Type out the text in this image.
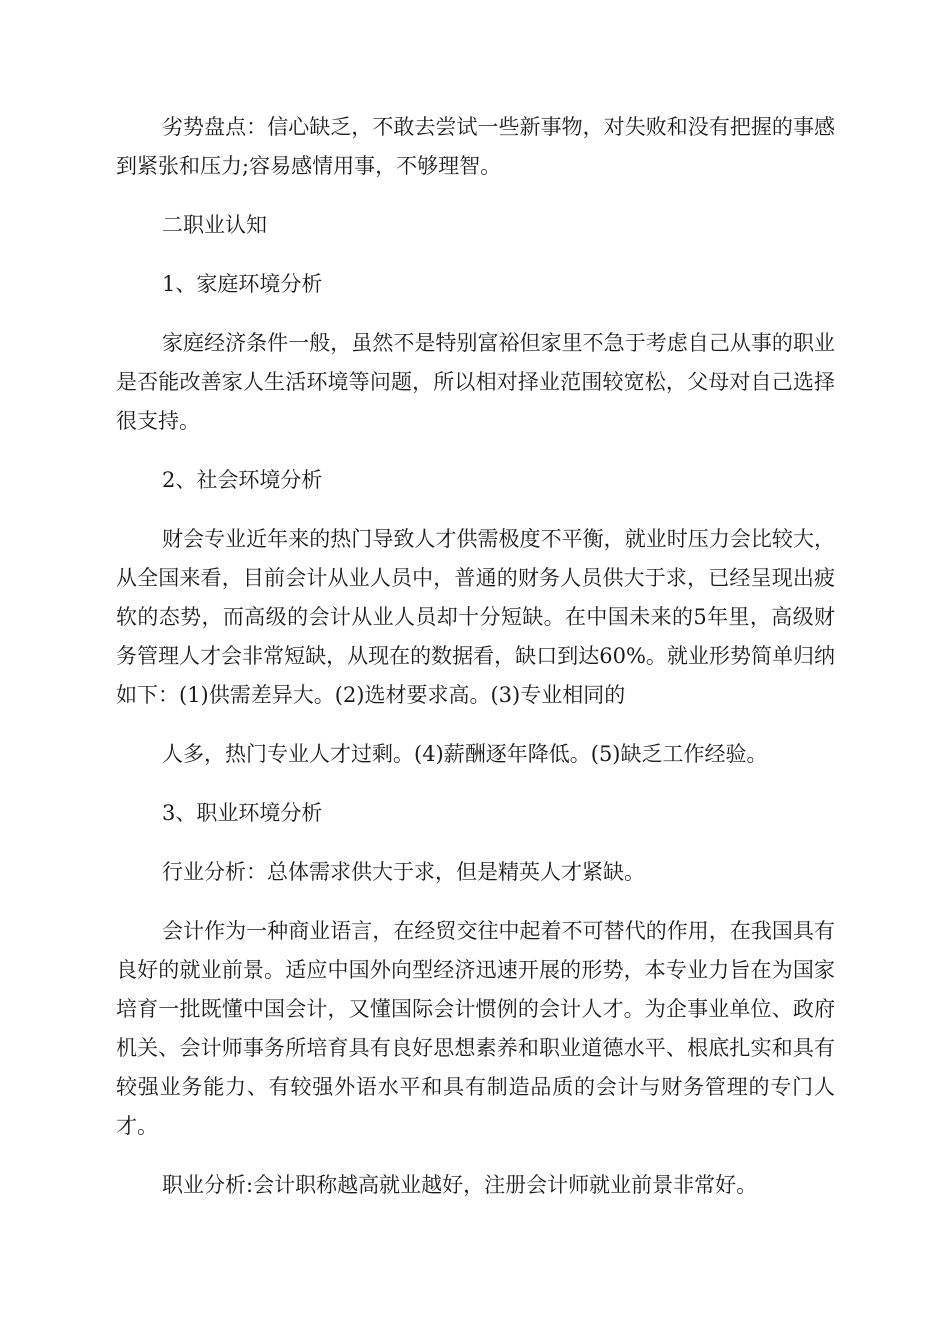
劣势盘点：信心缺乏，不敢去尝试一些新事物，对失败和没有把握的事感到紧张和压力;容易感情用事，不够理智。

二职业认知

1、家庭环境分析

家庭经济条件一般，虽然不是特别富裕但家里不急于考虑自己从事的职业是否能改善家人生活环境等问题，所以相对择业范围较宽松，父母对自己选择很支持。

2、社会环境分析

财会专业近年来的热门导致人才供需极度不平衡，就业时压力会比较大，从全国来看，目前会计从业人员中，普通的财务人员供大于求，已经呈现出疲软的态势，而高级的会计从业人员却十分短缺。在中国未来的5年里，高级财务管理人才会非常短缺，从现在的数据看，缺口到达60%。就业形势简单归纳如下：(1)供需差异大。(2)选材要求高。(3)专业相同的

人多，热门专业人才过剩。(4)薪酬逐年降低。(5)缺乏工作经验。

3、职业环境分析

行业分析：总体需求供大于求，但是精英人才紧缺。

会计作为一种商业语言，在经贸交往中起着不可替代的作用，在我国具有良好的就业前景。适应中国外向型经济迅速开展的形势，本专业力旨在为国家培育一批既懂中国会计，又懂国际会计惯例的会计人才。为企事业单位、政府机关、会计师事务所培育具有良好思想素养和职业道德水平、根底扎实和具有较强业务能力、有较强外语水平和具有制造品质的会计与财务管理的专门人才。

职业分析:会计职称越高就业越好，注册会计师就业前景非常好。
